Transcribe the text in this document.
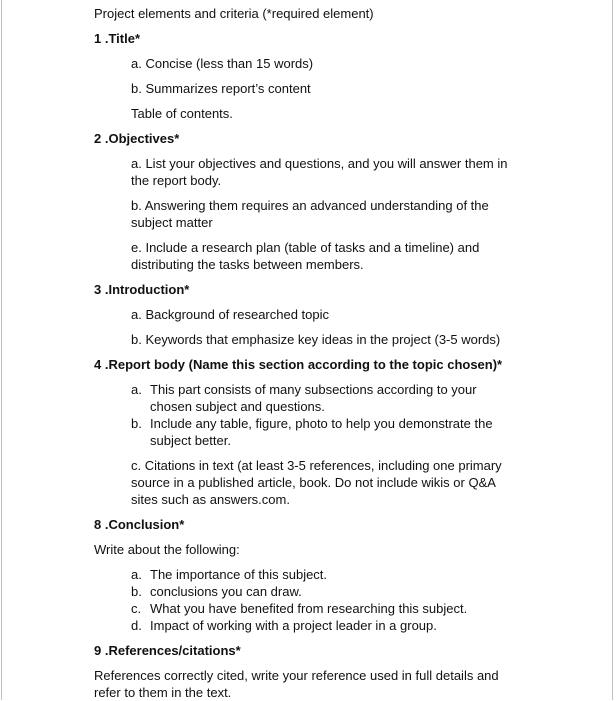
Project elements and criteria (*required element)
1 .Title*
a. Concise (less than 15 words)
b. Summarizes report’s content
Table of contents.
2 .Objectives*
a. List your objectives and questions, and you will answer them in
the report body.
b. Answering them requires an advanced understanding of the
subject matter
e. Include a research plan (table of tasks and a timeline) and
distributing the tasks between members.
3 .Introduction*
a. Background of researched topic
b. Keywords that emphasize key ideas in the project (3-5 words)
4 .Report body (Name this section according to the topic chosen)*
a. This part consists of many subsections according to your
chosen subject and questions.
b. Include any table, figure, photo to help you demonstrate the
subject better.
c. Citations in text (at least 3-5 references, including one primary
source in a published article, book. Do not include wikis or Q&A
sites such as answers.com.
8 .Conclusion*
Write about the following:
a. The importance of this subject.
b. conclusions you can draw.
c. What you have benefited from researching this subject.
d. Impact of working with a project leader in a group.
9 .References/citations*
References correctly cited, write your reference used in full details and
refer to them in the text.
